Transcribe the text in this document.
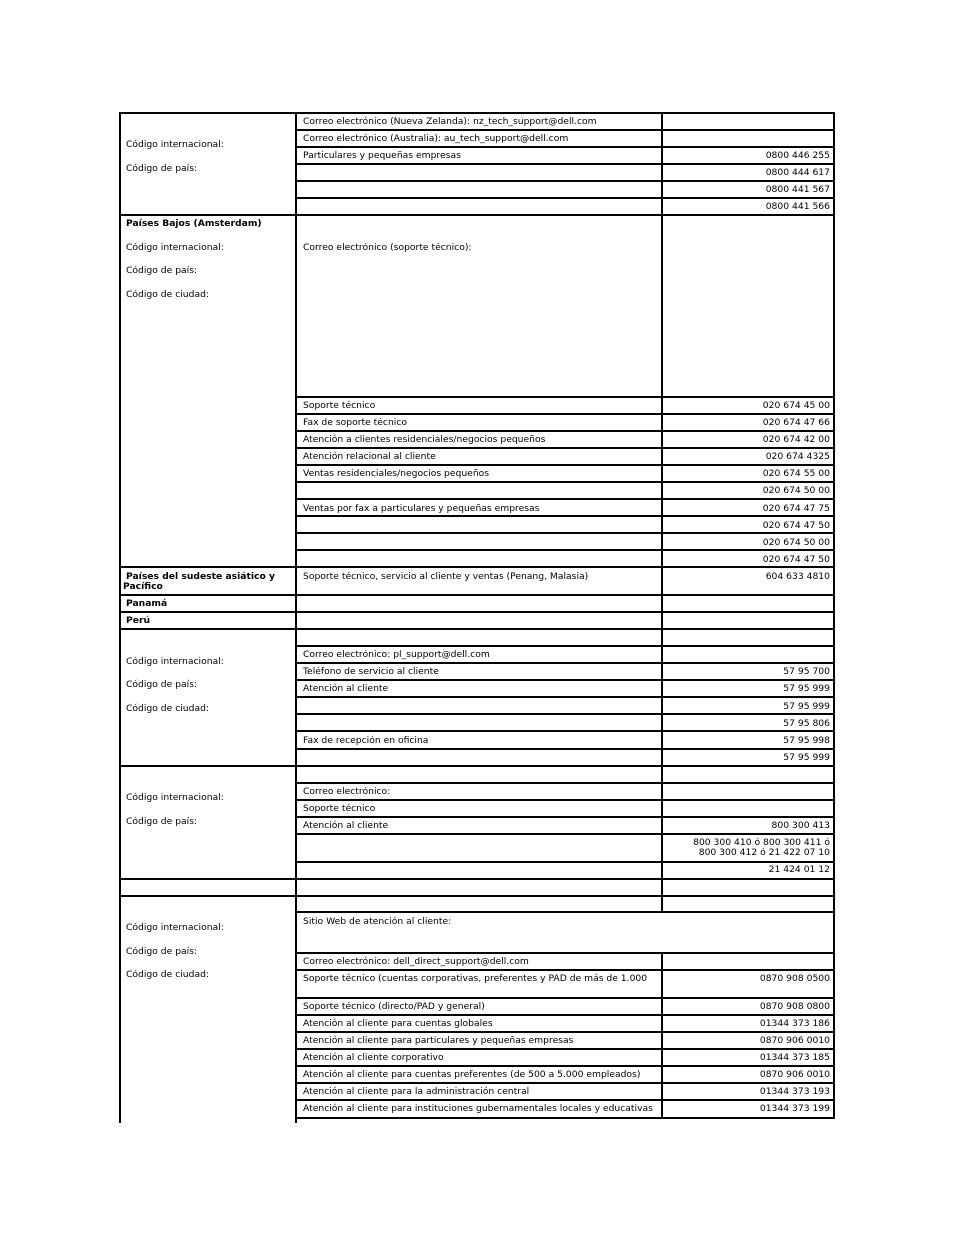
Código internacional:
Código de país:
Correo electrónico (Nueva Zelanda): nz_tech_support@dell.com
Correo electrónico (Australia): au_tech_support@dell.com
Particulares y pequeñas empresas	0800 446 255
0800 444 617
0800 441 567
0800 441 566
Países Bajos (Amsterdam)
Código internacional:
Código de país:
Código de ciudad:
Correo electrónico (soporte técnico):
Soporte técnico	020 674 45 00
Fax de soporte técnico	020 674 47 66
Atención a clientes residenciales/negocios pequeños	020 674 42 00
Atención relacional al cliente	020 674 4325
Ventas residenciales/negocios pequeños	020 674 55 00
020 674 50 00
Ventas por fax a particulares y pequeñas empresas	020 674 47 75
020 674 47 50
020 674 50 00
020 674 47 50
Países del sudeste asiático y
Pacífico
Soporte técnico, servicio al cliente y ventas (Penang, Malasia)	604 633 4810
Panamá
Perú
Código internacional:
Código de país:
Código de ciudad:
Correo electrónico: pl_support@dell.com
Teléfono de servicio al cliente	57 95 700
Atención al cliente	57 95 999
57 95 999
57 95 806
Fax de recepción en oficina	57 95 998
57 95 999
Código internacional:
Código de país:
Correo electrónico:
Soporte técnico
Atención al cliente	800 300 413
800 300 410 ó 800 300 411 ó
800 300 412 ó 21 422 07 10
21 424 01 12
Código internacional:
Código de país:
Código de ciudad:
Sitio Web de atención al cliente:
Correo electrónico: dell_direct_support@dell.com
Soporte técnico (cuentas corporativas, preferentes y PAD de más de 1.000	0870 908 0500
Soporte técnico (directo/PAD y general)	0870 908 0800
Atención al cliente para cuentas globales	01344 373 186
Atención al cliente para particulares y pequeñas empresas	0870 906 0010
Atención al cliente corporativo	01344 373 185
Atención al cliente para cuentas preferentes (de 500 a 5.000 empleados)	0870 906 0010
Atención al cliente para la administración central	01344 373 193
Atención al cliente para instituciones gubernamentales locales y educativas	01344 373 199
